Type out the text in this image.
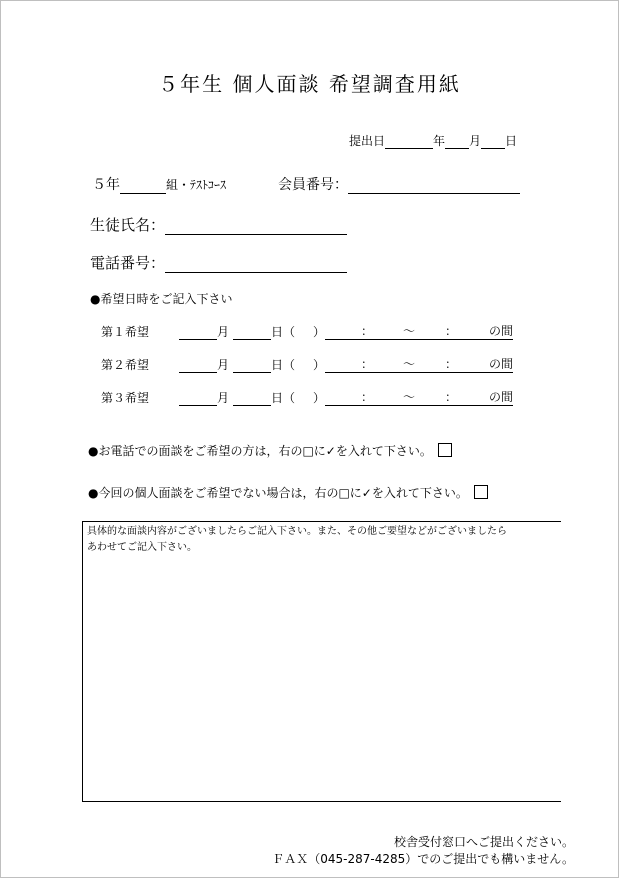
５年生 個人面談 希望調査用紙
提出日	年 月 日
５年	組・ﾃｽﾄｺｰｽ	会員番号：
生徒氏名：
電話番号：
●希望日時をご記入下さい
第１希望	月	日（ ）	： ～ ：	の間
第２希望	月	日（ ）	： ～ ：	の間
第３希望	月	日（ ）	： ～ ：	の間
●お電話での面談をご希望の方は，右の□に✓を入れて下さい。
●今回の個人面談をご希望でない場合は，右の□に✓を入れて下さい。
具体的な面談内容がございましたらご記入下さい。また、その他ご要望などがございましたら
あわせてご記入下さい。
校舎受付窓口へご提出ください。
ＦＡＸ（045-287-4285）でのご提出でも構いません。
